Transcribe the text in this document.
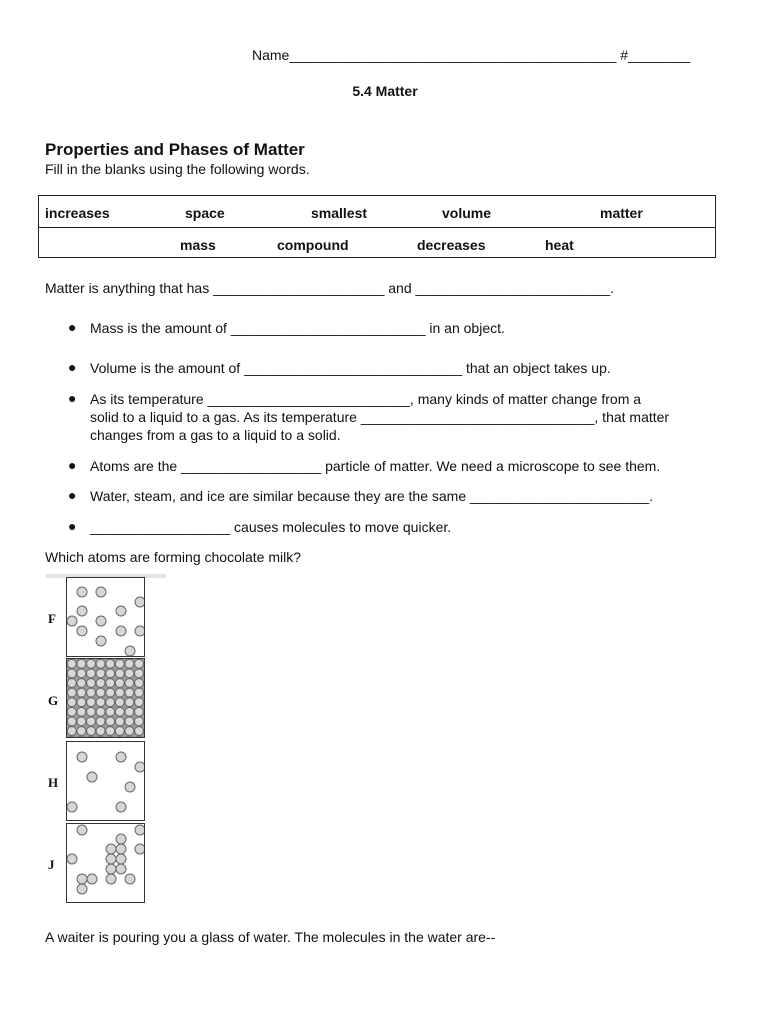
Name__________________________________________ #________
5.4 Matter
Properties and Phases of Matter
Fill in the blanks using the following words.
increases	space	smallest	volume	matter
mass	compound	decreases	heat
Matter is anything that has ______________________ and _________________________.
● Mass is the amount of _________________________ in an object.
● Volume is the amount of ____________________________ that an object takes up.
● As its temperature __________________________, many kinds of matter change from a
solid to a liquid to a gas. As its temperature ______________________________, that matter
changes from a gas to a liquid to a solid.
● Atoms are the __________________ particle of matter. We need a microscope to see them.
● Water, steam, and ice are similar because they are the same _______________________.
● __________________ causes molecules to move quicker.
Which atoms are forming chocolate milk?
F
G
H
J
A waiter is pouring you a glass of water. The molecules in the water are--
